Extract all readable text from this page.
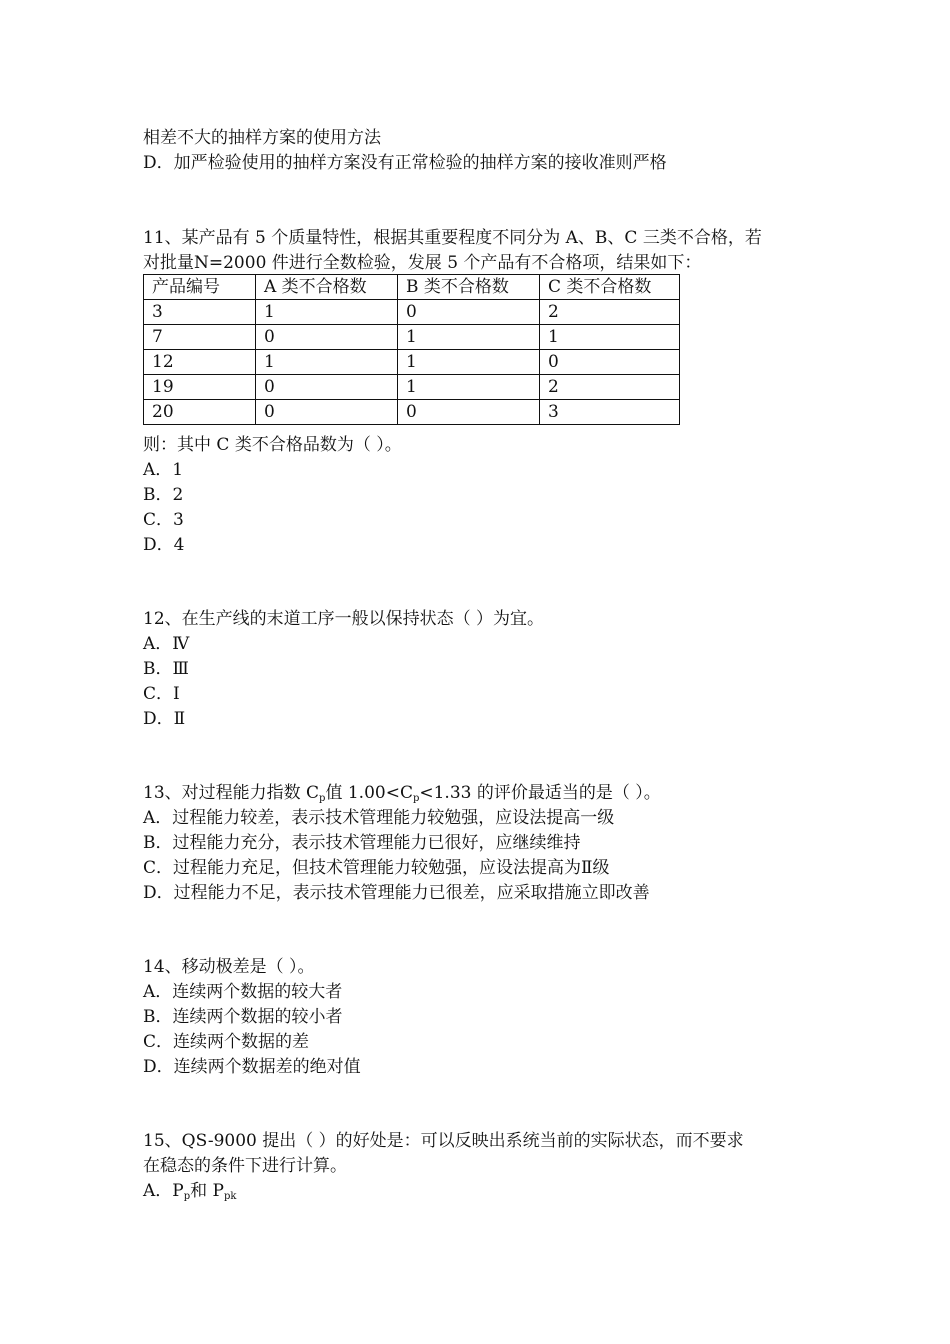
相差不大的抽样方案的使用方法
D．加严检验使用的抽样方案没有正常检验的抽样方案的接收准则严格
11、某产品有 5 个质量特性，根据其重要程度不同分为 A、B、C 三类不合格，若
对批量N=2000 件进行全数检验，发展 5 个产品有不合格项，结果如下：
产品编号	A 类不合格数	B 类不合格数	C 类不合格数
3	1	0	2
7	0	1	1
12	1	1	0
19	0	1	2
20	0	0	3
则：其中 C 类不合格品数为（ ）。
A．1
B．2
C．3
D．4
12、在生产线的末道工序一般以保持状态（ ）为宜。
A．Ⅳ
B．Ⅲ
C．Ⅰ
D．Ⅱ
13、对过程能力指数 $C_p$值 $1.00<C_p<1.33$ 的评价最适当的是（ ）。
A．过程能力较差，表示技术管理能力较勉强，应设法提高一级
B．过程能力充分，表示技术管理能力已很好，应继续维持
C．过程能力充足，但技术管理能力较勉强，应设法提高为Ⅱ级
D．过程能力不足，表示技术管理能力已很差，应采取措施立即改善
14、移动极差是（ ）。
A．连续两个数据的较大者
B．连续两个数据的较小者
C．连续两个数据的差
D．连续两个数据差的绝对值
15、QS-9000 提出（ ）的好处是：可以反映出系统当前的实际状态，而不要求
在稳态的条件下进行计算。
A．$P_p$和 $P_{pk}$
